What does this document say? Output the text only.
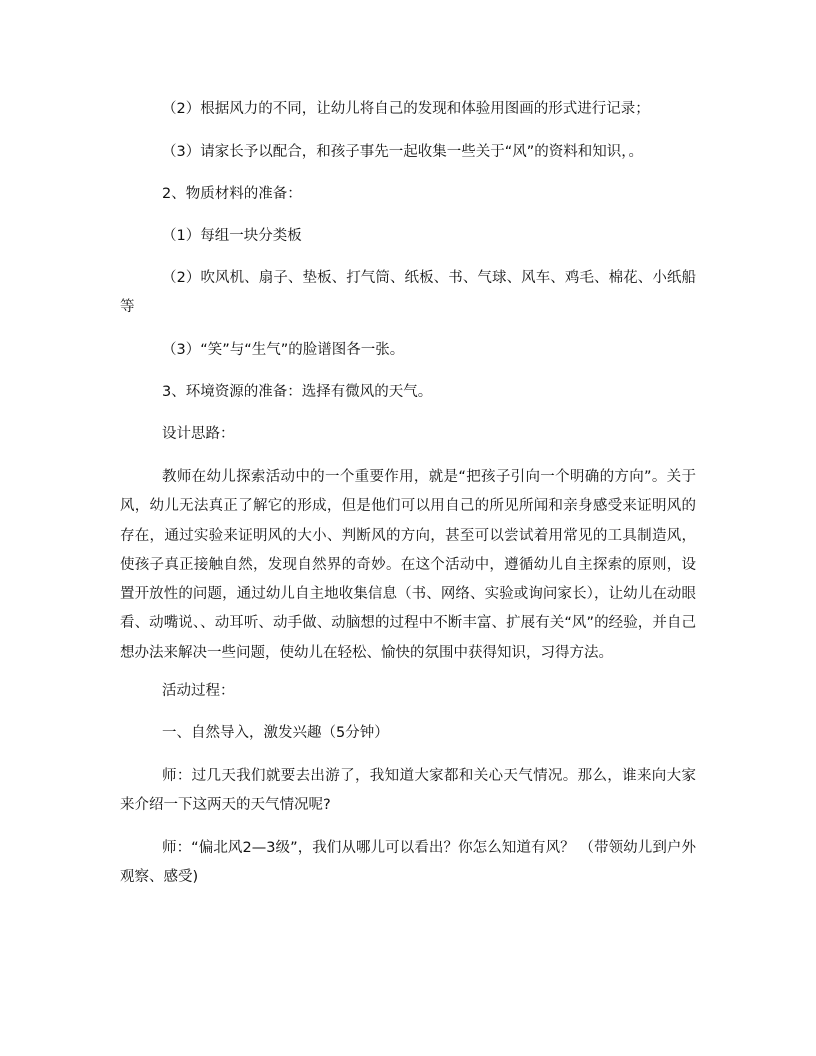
（2）根据风力的不同，让幼儿将自己的发现和体验用图画的形式进行记录；
（3）请家长予以配合，和孩子事先一起收集一些关于“风”的资料和知识，。
2、物质材料的准备：
（1）每组一块分类板
（2）吹风机、扇子、垫板、打气筒、纸板、书、气球、风车、鸡毛、棉花、小纸船等
（3）“笑”与“生气”的脸谱图各一张。
3、环境资源的准备：选择有微风的天气。
设计思路：
教师在幼儿探索活动中的一个重要作用，就是“把孩子引向一个明确的方向”。关于风，幼儿无法真正了解它的形成，但是他们可以用自己的所见所闻和亲身感受来证明风的存在，通过实验来证明风的大小、判断风的方向，甚至可以尝试着用常见的工具制造风，使孩子真正接触自然，发现自然界的奇妙。在这个活动中，遵循幼儿自主探索的原则，设置开放性的问题，通过幼儿自主地收集信息（书、网络、实验或询问家长），让幼儿在动眼看、动嘴说、、动耳听、动手做、动脑想的过程中不断丰富、扩展有关“风”的经验，并自己想办法来解决一些问题，使幼儿在轻松、愉快的氛围中获得知识，习得方法。
活动过程：
一、自然导入，激发兴趣（5分钟）
师：过几天我们就要去出游了，我知道大家都和关心天气情况。那么，谁来向大家来介绍一下这两天的天气情况呢?
师：“偏北风2—3级”，我们从哪儿可以看出？你怎么知道有风？ （带领幼儿到户外观察、感受)
